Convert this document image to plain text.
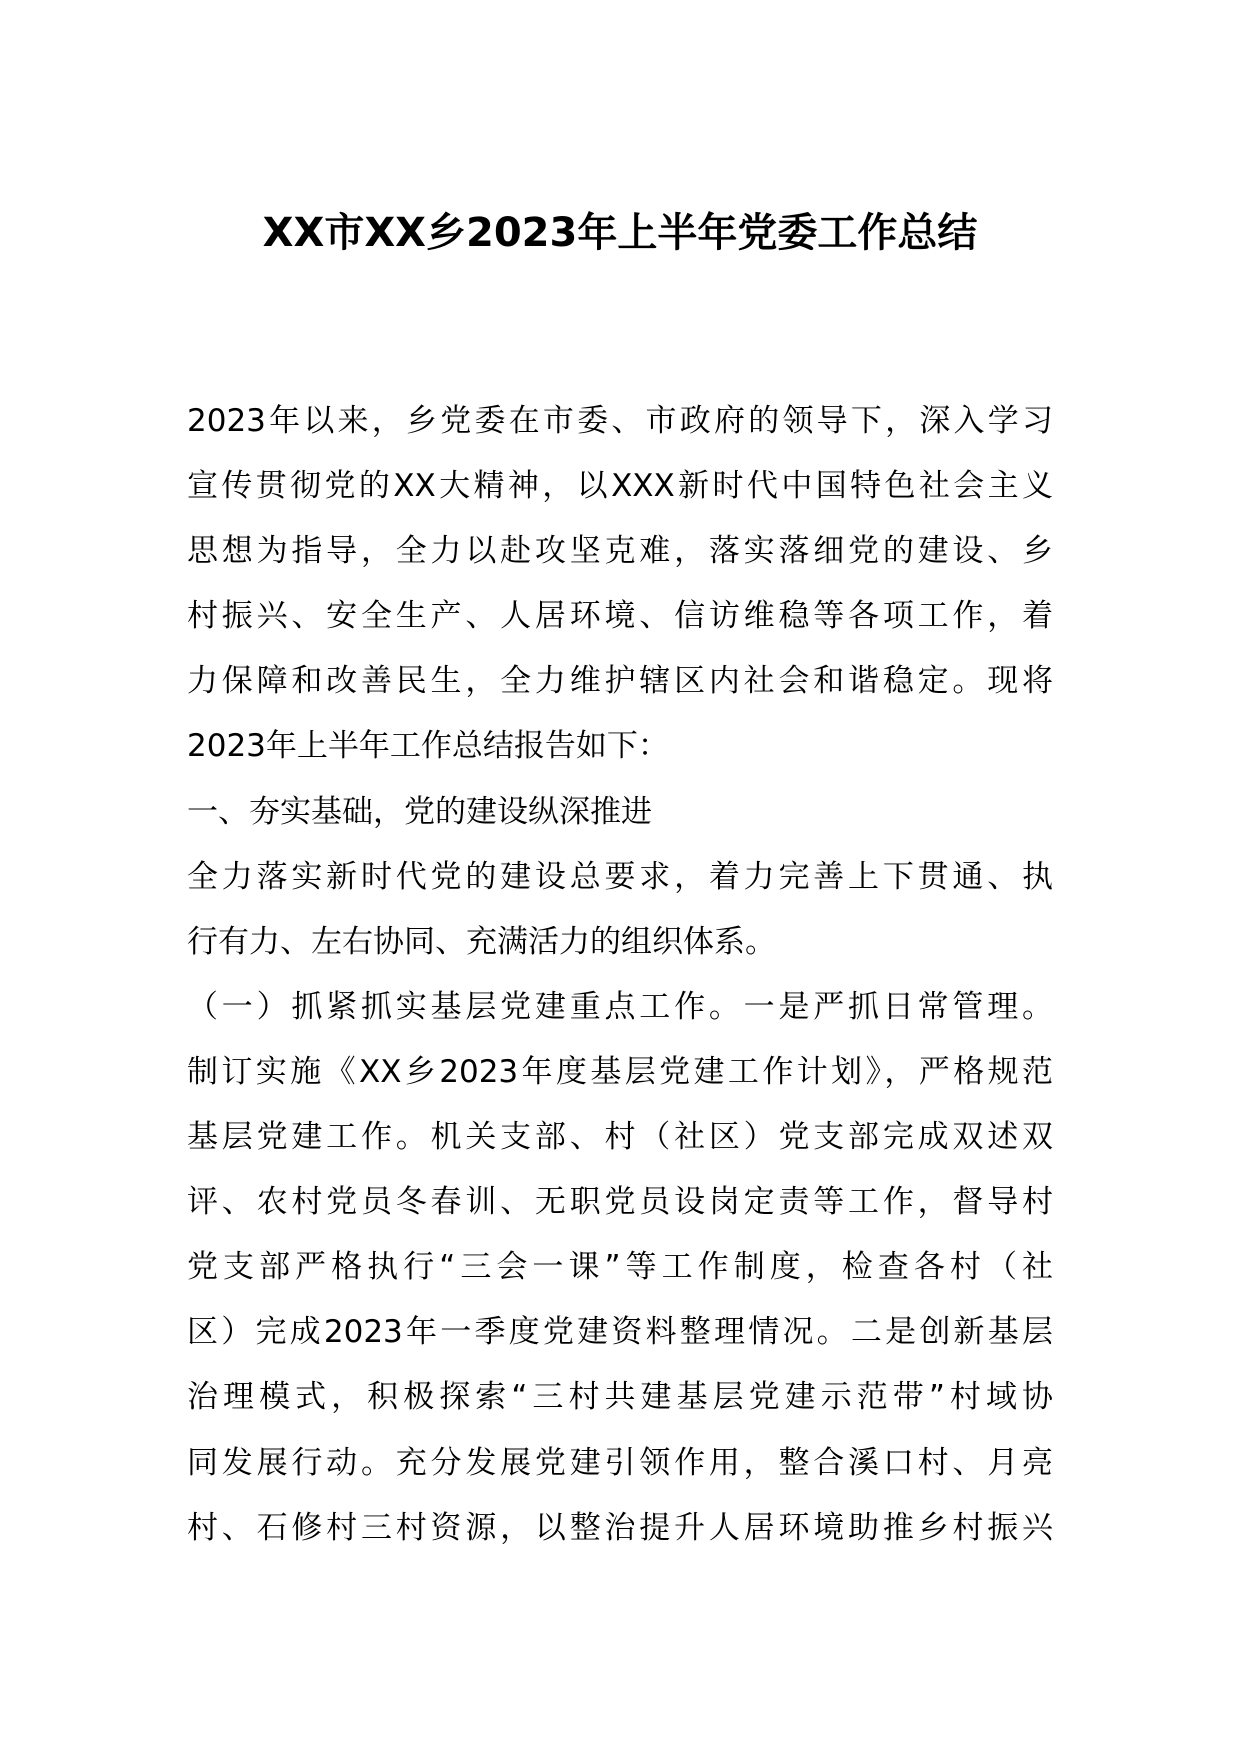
XX市XX乡2023年上半年党委工作总结
2023年以来，乡党委在市委、市政府的领导下，深入学习
宣传贯彻党的XX大精神，以XXX新时代中国特色社会主义
思想为指导，全力以赴攻坚克难，落实落细党的建设、乡
村振兴、安全生产、人居环境、信访维稳等各项工作，着
力保障和改善民生，全力维护辖区内社会和谐稳定。现将
2023年上半年工作总结报告如下：
一、夯实基础，党的建设纵深推进
全力落实新时代党的建设总要求，着力完善上下贯通、执
行有力、左右协同、充满活力的组织体系。
（一）抓紧抓实基层党建重点工作。一是严抓日常管理。
制订实施《XX乡2023年度基层党建工作计划》，严格规范
基层党建工作。机关支部、村（社区）党支部完成双述双
评、农村党员冬春训、无职党员设岗定责等工作，督导村
党支部严格执行“三会一课”等工作制度，检查各村（社
区）完成2023年一季度党建资料整理情况。二是创新基层
治理模式，积极探索“三村共建基层党建示范带”村域协
同发展行动。充分发展党建引领作用，整合溪口村、月亮
村、石修村三村资源，以整治提升人居环境助推乡村振兴
